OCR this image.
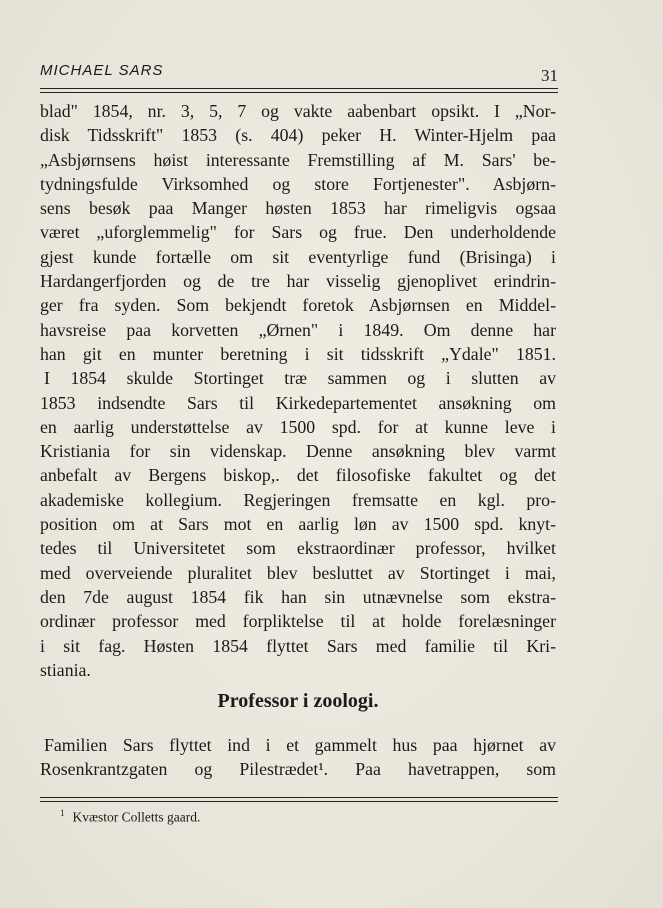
MICHAEL SARS	31
blad" 1854, nr. 3, 5, 7 og vakte aabenbart opsikt. I „Nor-
disk Tidsskrift" 1853 (s. 404) peker H. Winter-Hjelm paa
„Asbjørnsens høist interessante Fremstilling af M. Sars' be-
tydningsfulde Virksomhed og store Fortjenester". Asbjørn-
sens besøk paa Manger høsten 1853 har rimeligvis ogsaa
været „uforglemmelig" for Sars og frue. Den underholdende
gjest kunde fortælle om sit eventyrlige fund (Brisinga) i
Hardangerfjorden og de tre har visselig gjenoplivet erindrin-
ger fra syden. Som bekjendt foretok Asbjørnsen en Middel-
havsreise paa korvetten „Ørnen" i 1849. Om denne har
han git en munter beretning i sit tidsskrift „Ydale" 1851.
I 1854 skulde Stortinget træ sammen og i slutten av
1853 indsendte Sars til Kirkedepartementet ansøkning om
en aarlig understøttelse av 1500 spd. for at kunne leve i
Kristiania for sin videnskap. Denne ansøkning blev varmt
anbefalt av Bergens biskop,. det filosofiske fakultet og det
akademiske kollegium. Regjeringen fremsatte en kgl. pro-
position om at Sars mot en aarlig løn av 1500 spd. knyt-
tedes til Universitetet som ekstraordinær professor, hvilket
med overveiende pluralitet blev besluttet av Stortinget i mai,
den 7de august 1854 fik han sin utnævnelse som ekstra-
ordinær professor med forpliktelse til at holde forelæsninger
i sit fag. Høsten 1854 flyttet Sars med familie til Kri-
stiania.
Professor i zoologi.
Familien Sars flyttet ind i et gammelt hus paa hjørnet av
Rosenkrantzgaten og Pilestrædet¹. Paa havetrappen, som
$^1$ Kvæstor Colletts gaard.
